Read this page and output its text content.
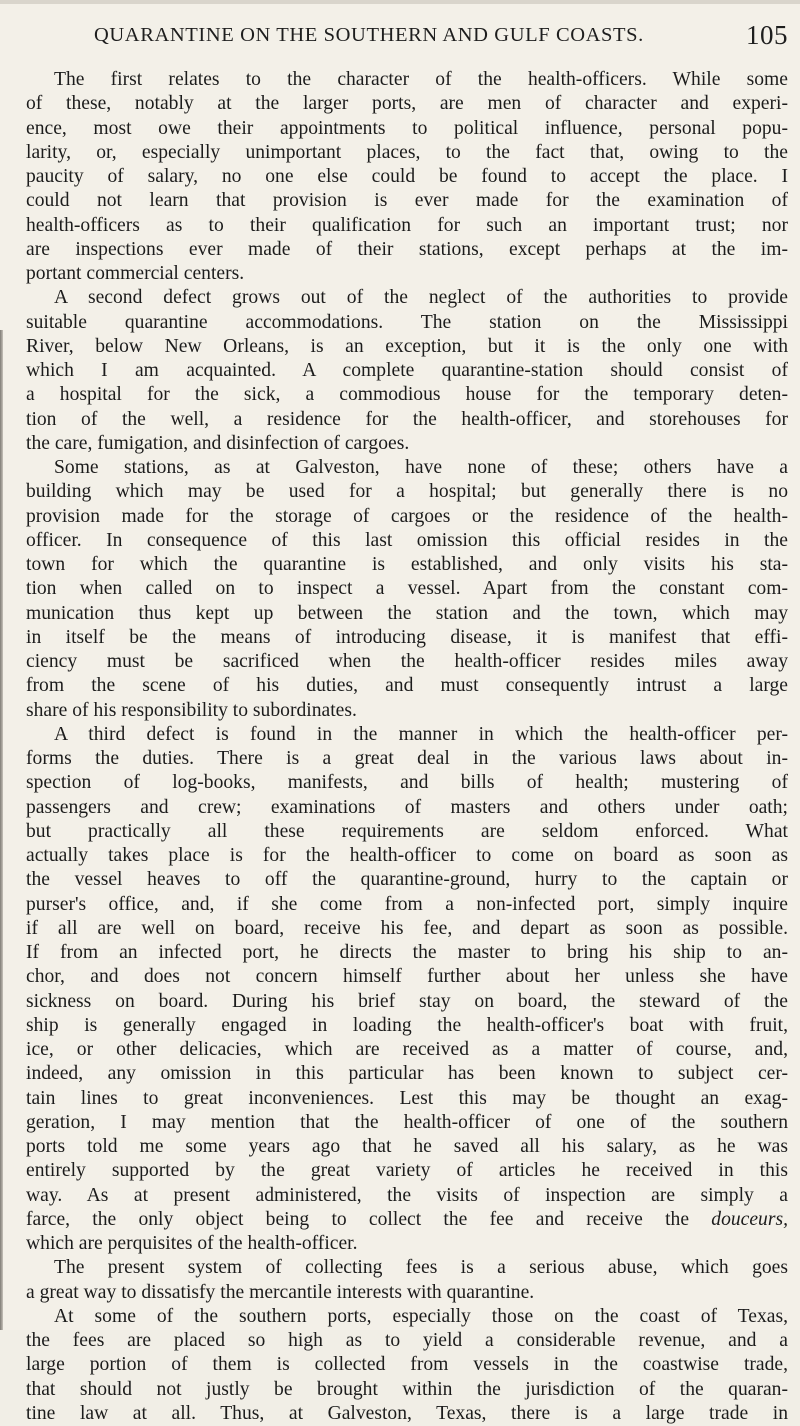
QUARANTINE ON THE SOUTHERN AND GULF COASTS.	105
The first relates to the character of the health-officers. While some
of these, notably at the larger ports, are men of character and experi-
ence, most owe their appointments to political influence, personal popu-
larity, or, especially unimportant places, to the fact that, owing to the
paucity of salary, no one else could be found to accept the place. I
could not learn that provision is ever made for the examination of
health-officers as to their qualification for such an important trust; nor
are inspections ever made of their stations, except perhaps at the im-
portant commercial centers.
A second defect grows out of the neglect of the authorities to provide
suitable quarantine accommodations. The station on the Mississippi
River, below New Orleans, is an exception, but it is the only one with
which I am acquainted. A complete quarantine-station should consist of
a hospital for the sick, a commodious house for the temporary deten-
tion of the well, a residence for the health-officer, and storehouses for
the care, fumigation, and disinfection of cargoes.
Some stations, as at Galveston, have none of these; others have a
building which may be used for a hospital; but generally there is no
provision made for the storage of cargoes or the residence of the health-
officer. In consequence of this last omission this official resides in the
town for which the quarantine is established, and only visits his sta-
tion when called on to inspect a vessel. Apart from the constant com-
munication thus kept up between the station and the town, which may
in itself be the means of introducing disease, it is manifest that effi-
ciency must be sacrificed when the health-officer resides miles away
from the scene of his duties, and must consequently intrust a large
share of his responsibility to subordinates.
A third defect is found in the manner in which the health-officer per-
forms the duties. There is a great deal in the various laws about in-
spection of log-books, manifests, and bills of health; mustering of
passengers and crew; examinations of masters and others under oath;
but practically all these requirements are seldom enforced. What
actually takes place is for the health-officer to come on board as soon as
the vessel heaves to off the quarantine-ground, hurry to the captain or
purser's office, and, if she come from a non-infected port, simply inquire
if all are well on board, receive his fee, and depart as soon as possible.
If from an infected port, he directs the master to bring his ship to an-
chor, and does not concern himself further about her unless she have
sickness on board. During his brief stay on board, the steward of the
ship is generally engaged in loading the health-officer's boat with fruit,
ice, or other delicacies, which are received as a matter of course, and,
indeed, any omission in this particular has been known to subject cer-
tain lines to great inconveniences. Lest this may be thought an exag-
geration, I may mention that the health-officer of one of the southern
ports told me some years ago that he saved all his salary, as he was
entirely supported by the great variety of articles he received in this
way. As at present administered, the visits of inspection are simply a
farce, the only object being to collect the fee and receive the douceurs,
which are perquisites of the health-officer.
The present system of collecting fees is a serious abuse, which goes
a great way to dissatisfy the mercantile interests with quarantine.
At some of the southern ports, especially those on the coast of Texas,
the fees are placed so high as to yield a considerable revenue, and a
large portion of them is collected from vessels in the coastwise trade,
that should not justly be brought within the jurisdiction of the quaran-
tine law at all. Thus, at Galveston, Texas, there is a large trade in
